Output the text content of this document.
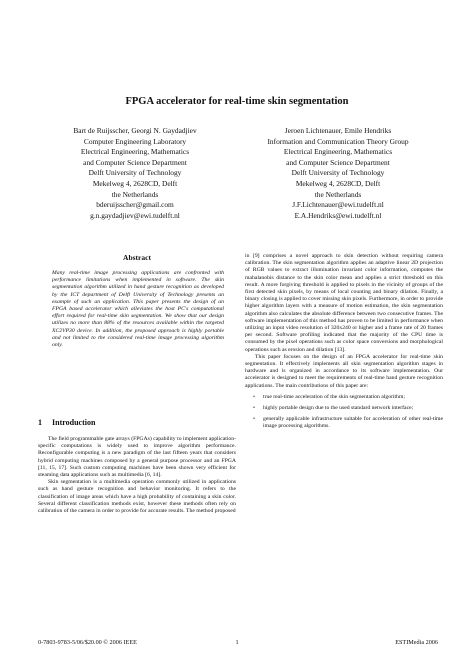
FPGA accelerator for real-time skin segmentation
Bart de Ruijsscher, Georgi N. Gaydadjiev
Computer Engineering Laboratory
Electrical Engineering, Mathematics
and Computer Science Department
Delft University of Technology
Mekelweg 4, 2628CD, Delft
the Netherlands
bderuijsscher@gmail.com
g.n.gaydadjiev@ewi.tudelft.nl
Jeroen Lichtenauer, Emile Hendriks
Information and Communication Theory Group
Electrical Engineering, Mathematics
and Computer Science Department
Delft University of Technology
Mekelweg 4, 2628CD, Delft
the Netherlands
J.F.Lichtenauer@ewi.tudelft.nl
E.A.Hendriks@ewi.tudelft.nl
Abstract
Many real-time image processing applications are confronted with performance limitations when implemented in software. The skin segmentation algorithm utilized in hand gesture recognition as developed by the ICT department of Delft University of Technology presents an example of such an application. This paper presents the design of an FPGA based accelerator which alleviates the host PC's computational effort required for real-time skin segmentation. We show that our design utilizes no more than 88% of the resources available within the targeted XC2VP30 device. In addition, the proposed approach is highly portable and not limited to the considered real-time image processing algorithm only.
1 Introduction

The field programmable gate arrays (FPGAs) capability to implement application-specific computations is widely used to improve algorithm performance. Reconfigurable computing is a new paradigm of the last fifteen years that considers hybrid computing machines composed by a general purpose processor and an FPGA [11, 15, 17]. Such custom computing machines have been shown very efficient for steaming data applications such as multimedia [6, 14].

Skin segmentation is a multimedia operation commonly utilized in applications such as hand gesture recognition and behavior monitoring. It refers to the classification of image areas which have a high probability of containing a skin color. Several different classification methods exist, however these methods often rely on calibration of the camera in order to provide for accurate results. The method proposed

in [9] comprises a novel approach to skin detection without requiring camera calibration. The skin segmentation algorithm applies an adaptive linear 2D projection of RGB values to extract illumination invariant color information, computes the mahalanobis distance to the skin color mean and applies a strict threshold on this result. A more forgiving threshold is applied to pixels in the vicinity of groups of the first detected skin pixels, by means of local counting and binary dilation. Finally, a binary closing is applied to cover missing skin pixels. Furthermore, in order to provide higher algorithm layers with a measure of motion estimation, the skin segmentation algorithm also calculates the absolute difference between two consecutive frames. The software implementation of this method has proven to be limited in performance when utilizing an input video resolution of 320x240 or higher and a frame rate of 20 frames per second. Software profiling indicated that the majority of the CPU time is consumed by the pixel operations such as color space conversions and morphological operations such as erosion and dilation [13].

This paper focuses on the design of an FPGA accelerator for real-time skin segmentation. It effectively implements all skin segmentation algorithm stages in hardware and is organized in accordance to its software implementation. Our accelerator is designed to meet the requirements of real-time hand gesture recognition applications. The main contributions of this paper are:

• true real-time acceleration of the skin segmentation algorithm;
• highly portable design due to the used standard network interface;
• generally applicable infrastructure suitable for acceleration of other real-time image processing algorithms.
0-7803-9783-5/06/$20.00 © 2006 IEEE	1	ESTIMedia 2006
